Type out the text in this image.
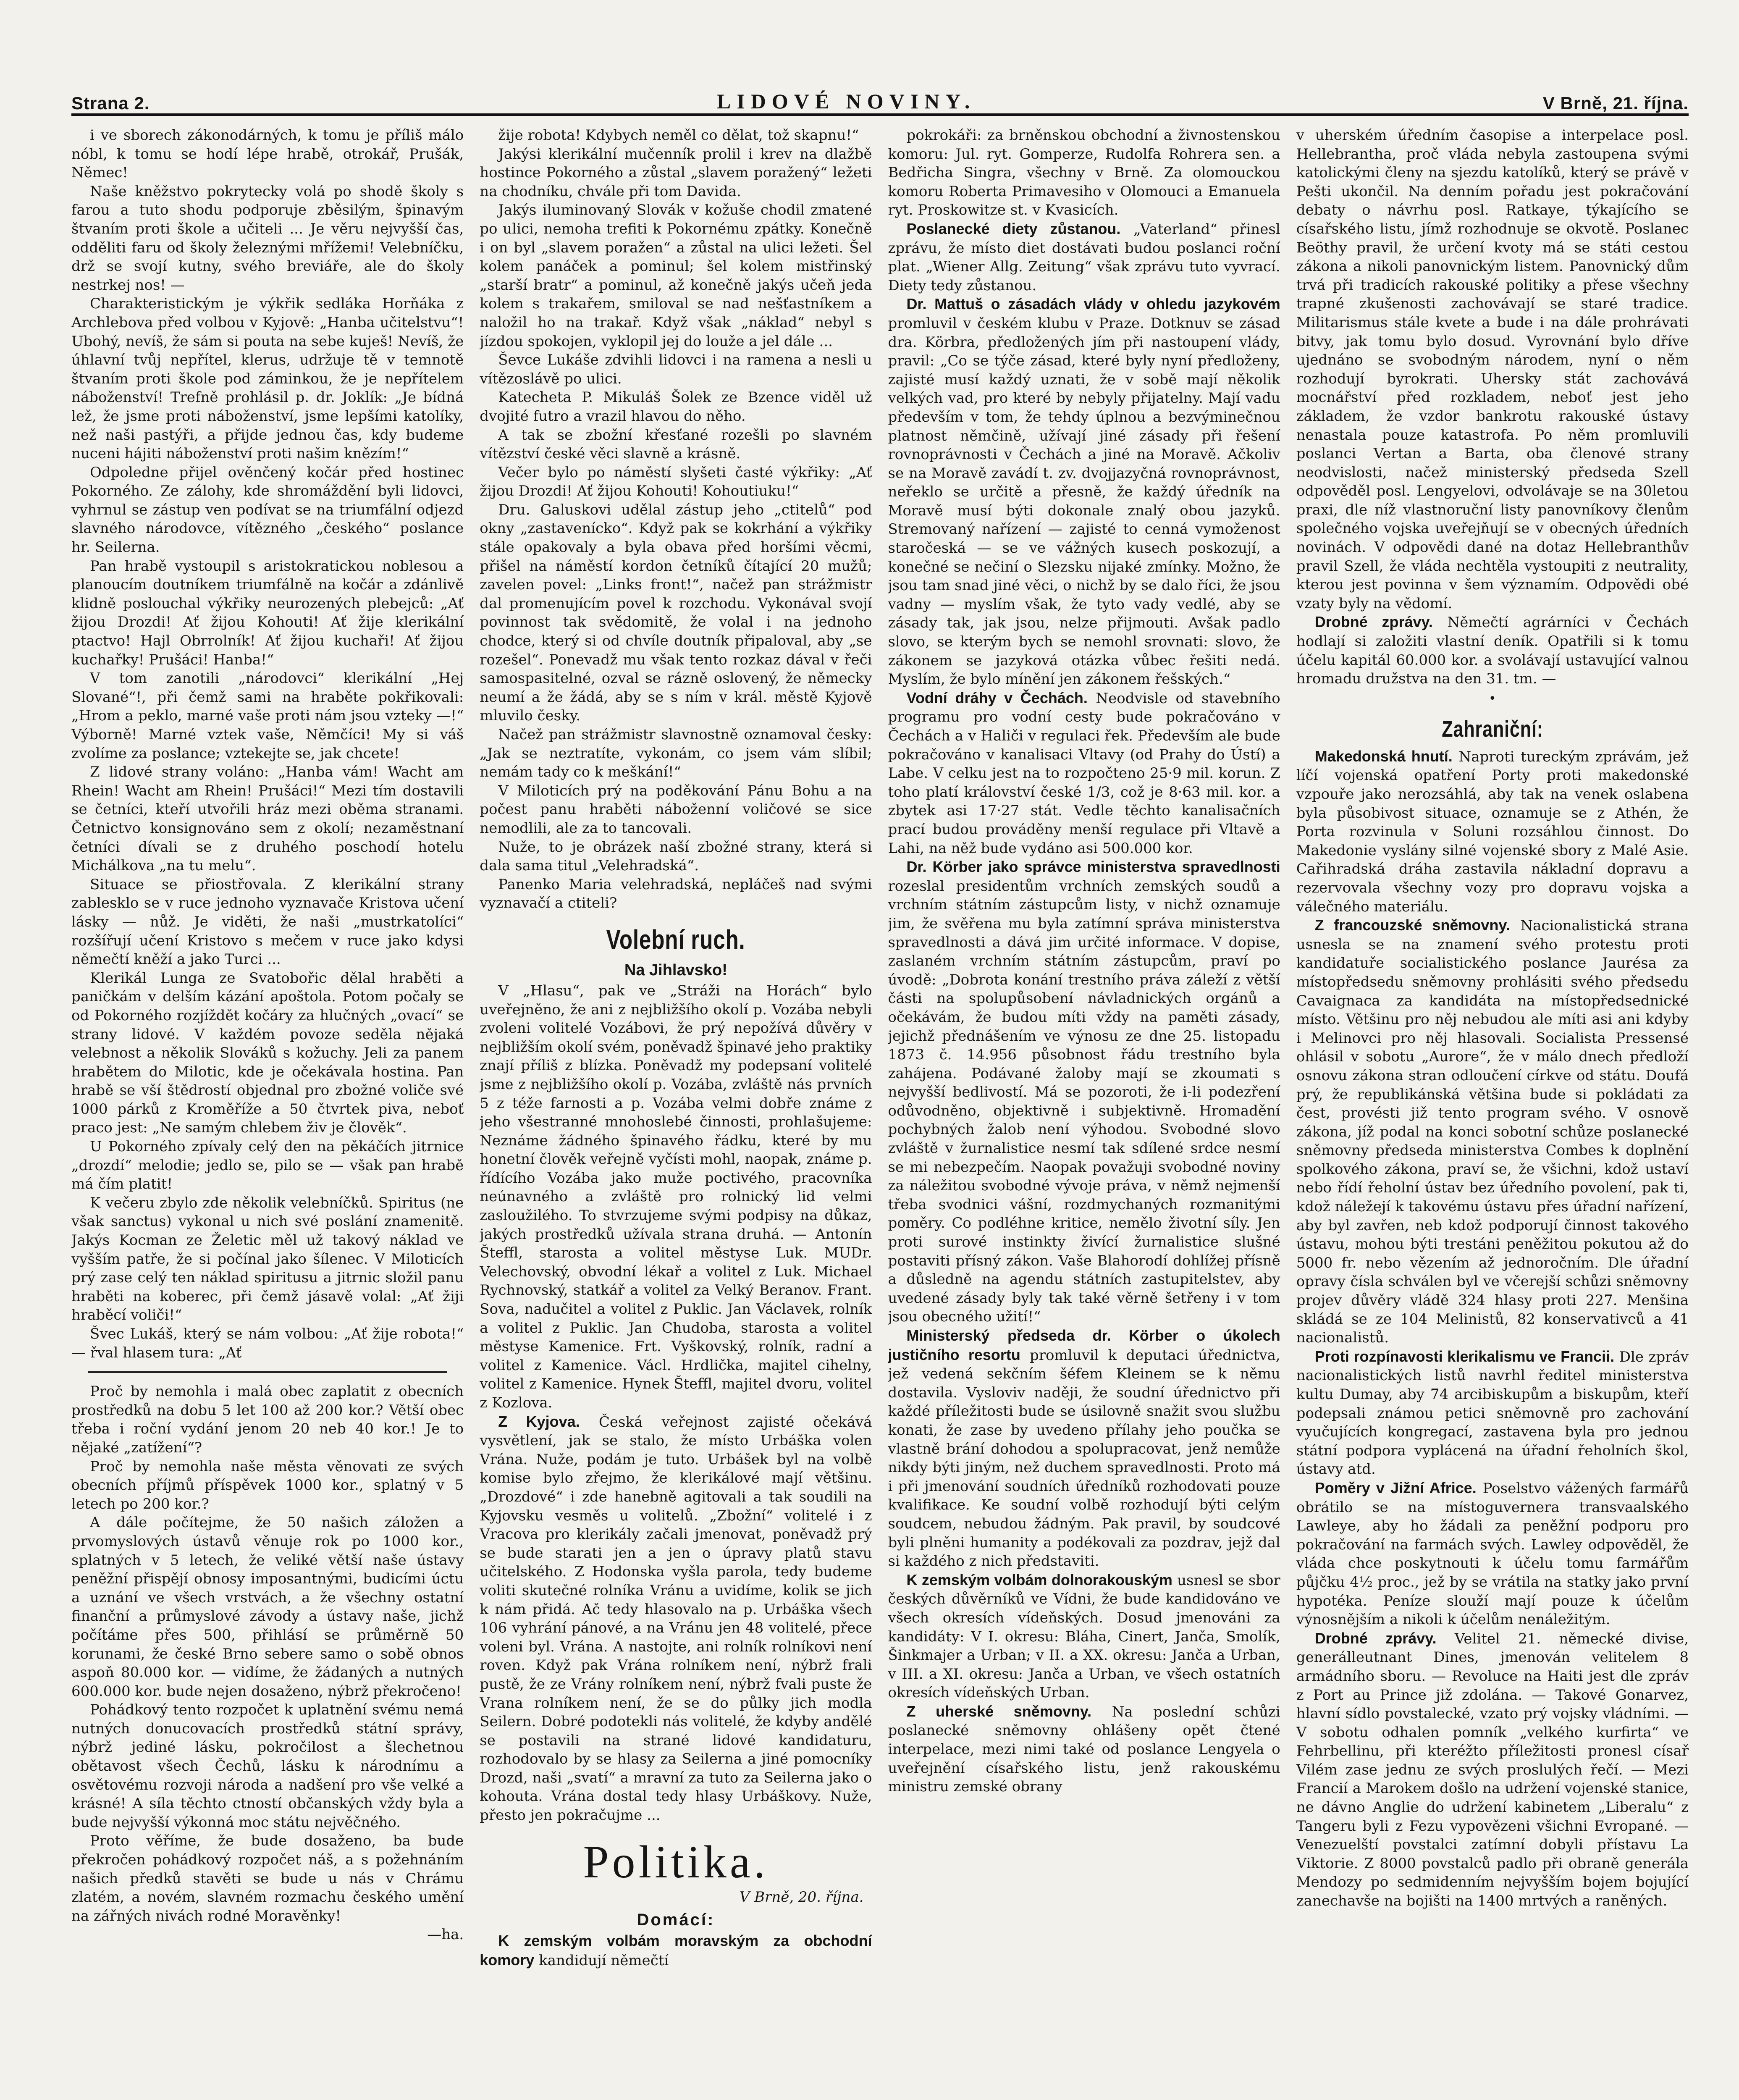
Strana 2.	LIDOVÉ NOVINY.	V Brně, 21. října.

i ve sborech zákonodárných, k tomu je příliš málo nóbl, k tomu se hodí lépe hrabě, otrokář, Prušák, Němec!

Naše kněžstvo pokrytecky volá po shodě školy s farou a tuto shodu podporuje zběsilým, špinavým štvaním proti škole a učiteli ... Je věru nejvyšší čas, odděliti faru od školy železnými mřížemi! Velebníčku, drž se svojí kutny, svého breviáře, ale do školy nestrkej nos! —

Charakteristickým je výkřik sedláka Horňáka z Archlebova před volbou v Kyjově: „Hanba učitelstvu“! Ubohý, nevíš, že sám si pouta na sebe kuješ! Nevíš, že úhlavní tvůj nepřítel, klerus, udržuje tě v temnotě štvaním proti škole pod záminkou, že je nepřítelem náboženství! Trefně prohlásil p. dr. Joklík: „Je bídná lež, že jsme proti náboženství, jsme lepšími katolíky, než naši pastýři, a přijde jednou čas, kdy budeme nuceni hájiti náboženství proti našim knězím!“

Odpoledne přijel ověnčený kočár před hostinec Pokorného. Ze zálohy, kde shromáždění byli lidovci, vyhrnul se zástup ven podívat se na triumfální odjezd slavného národovce, vítězného „českého“ poslance hr. Seilerna.

Pan hrabě vystoupil s aristokratickou noblesou a planoucím doutníkem triumfálně na kočár a zdánlivě klidně poslouchal výkřiky neurozených plebejců: „Ať žijou Drozdi! Ať žijou Kohouti! Ať žije klerikální ptactvo! Hajl Obrrolník! Ať žijou kuchaři! Ať žijou kuchařky! Prušáci! Hanba!“

V tom zanotili „národovci“ klerikální „Hej Slované“!, při čemž sami na hraběte pokřikovali: „Hrom a peklo, marné vaše proti nám jsou vzteky —!“ Výborně! Marné vztek vaše, Němčíci! My si váš zvolíme za poslance; vztekejte se, jak chcete!

Z lidové strany voláno: „Hanba vám! Wacht am Rhein! Wacht am Rhein! Prušáci!“ Mezi tím dostavili se četníci, kteří utvořili hráz mezi oběma stranami. Četnictvo konsignováno sem z okolí; nezaměstnaní četníci dívali se z druhého poschodí hotelu Michálkova „na tu melu“.

Situace se přiostřovala. Z klerikální strany zablesklo se v ruce jednoho vyznavače Kristova učení lásky — nůž. Je viděti, že naši „mustrkatolíci“ rozšířují učení Kristovo s mečem v ruce jako kdysi němečtí kněží a jako Turci ...

Klerikál Lunga ze Svatobořic dělal hraběti a paničkám v delším kázání apoštola. Potom počaly se od Pokorného rozjíždět kočáry za hlučných „ovací“ se strany lidové. V každém povoze seděla nějaká velebnost a několik Slováků s kožuchy. Jeli za panem hrabětem do Milotic, kde je očekávala hostina. Pan hrabě se vší štědrostí objednal pro zbožné voliče své 1000 párků z Kroměříže a 50 čtvrtek piva, neboť praco jest: „Ne samým chlebem živ je člověk“.

U Pokorného zpívaly celý den na pěkáčích jitrnice „drozdí“ melodie; jedlo se, pilo se — však pan hrabě má čím platit!

K večeru zbylo zde několik velebníčků. Spiritus (ne však sanctus) vykonal u nich své poslání znamenitě. Jakýs Kocman ze Želetic měl už takový náklad ve vyšším patře, že si počínal jako šílenec. V Miloticích prý zase celý ten náklad spiritusu a jitrnic složil panu hraběti na koberec, při čemž jásavě volal: „Ať žiji hraběcí voliči!“

Švec Lukáš, který se nám volbou: „Ať žije robota!“ — řval hlasem tura: „Ať

Proč by nemohla i malá obec zaplatit z obecních prostředků na dobu 5 let 100 až 200 kor.? Větší obec třeba i roční vydání jenom 20 neb 40 kor.! Je to nějaké „zatížení“?

Proč by nemohla naše města věnovati ze svých obecních příjmů příspěvek 1000 kor., splatný v 5 letech po 200 kor.?

A dále počítejme, že 50 našich záložen a prvomyslových ústavů věnuje rok po 1000 kor., splatných v 5 letech, že veliké větší naše ústavy peněžní přispějí obnosy imposantnými, budicími úctu a uznání ve všech vrstvách, a že všechny ostatní finanční a průmyslové závody a ústavy naše, jichž počítáme přes 500, přihlásí se průměrně 50 korunami, že české Brno sebere samo o sobě obnos aspoň 80.000 kor. — vidíme, že žádaných a nutných 600.000 kor. bude nejen dosaženo, nýbrž překročeno!

Pohádkový tento rozpočet k uplatnění svému nemá nutných donucovacích prostředků státní správy, nýbrž jediné lásku, pokročilost a šlechetnou obětavost všech Čechů, lásku k národnímu a osvětovému rozvoji národa a nadšení pro vše velké a krásné! A síla těchto ctností občanských vždy byla a bude nejvyšší výkonná moc státu nejvěčného.

Proto věříme, že bude dosaženo, ba bude překročen pohádkový rozpočet náš, a s požehnáním našich předků stavěti se bude u nás v Chrámu zlatém, a novém, slavném rozmachu českého umění na zářných nivách rodné Moravěnky!

—ha.

žije robota! Kdybych neměl co dělat, tož skapnu!“

Jakýsi klerikální mučenník prolil i krev na dlažbě hostince Pokorného a zůstal „slavem poražený“ ležeti na chodníku, chvále při tom Davida.

Jakýs iluminovaný Slovák v kožuše chodil zmatené po ulici, nemoha trefiti k Pokornému zpátky. Konečně i on byl „slavem poražen“ a zůstal na ulici ležeti. Šel kolem panáček a pominul; šel kolem mistřinský „starší bratr“ a pominul, až konečně jakýs učeň jeda kolem s trakařem, smiloval se nad nešťastníkem a naložil ho na trakař. Když však „náklad“ nebyl s jízdou spokojen, vyklopil jej do louže a jel dále ...

Ševce Lukáše zdvihli lidovci i na ramena a nesli u vítězoslávě po ulici.

Katecheta P. Mikuláš Šolek ze Bzence viděl už dvojité futro a vrazil hlavou do něho.

A tak se zbožní křesťané rozešli po slavném vítězství české věci slavně a krásně.

Večer bylo po náměstí slyšeti časté výkřiky: „Ať žijou Drozdi! Ať žijou Kohouti! Kohoutiuku!“

Dru. Galuskovi udělal zástup jeho „ctitelů“ pod okny „zastavenícko“. Když pak se kokrhání a výkřiky stále opakovaly a byla obava před horšími věcmi, přišel na náměstí kordon četníků čítající 20 mužů; zavelen povel: „Links front!“, načež pan strážmistr dal promenujícím povel k rozchodu. Vykonával svojí povinnost tak svědomitě, že volal i na jednoho chodce, který si od chvíle doutník připaloval, aby „se rozešel“. Ponevadž mu však tento rozkaz dával v řeči samospasitelné, ozval se rázně oslovený, že německy neumí a že žádá, aby se s ním v král. městě Kyjově mluvilo česky.

Načež pan strážmistr slavnostně oznamoval česky: „Jak se neztratíte, vykonám, co jsem vám slíbil; nemám tady co k meškání!“

V Miloticích prý na poděkování Pánu Bohu a na počest panu hraběti náboženní voličové se sice nemodlili, ale za to tancovali.

Nuže, to je obrázek naší zbožné strany, která si dala sama titul „Velehradská“.

Panenko Maria velehradská, nepláčeš nad svými vyznavačí a ctiteli?

Volební ruch.
Na Jihlavsko!

V „Hlasu“, pak ve „Stráži na Horách“ bylo uveřejněno, že ani z nejbližšího okolí p. Vozába nebyli zvoleni volitelé Vozábovi, že prý nepožívá důvěry v nejbližším okolí svém, poněvadž špinavé jeho praktiky znají příliš z blízka. Poněvadž my podepsaní volitelé jsme z nejbližšího okolí p. Vozába, zvláště nás prvních 5 z téže farnosti a p. Vozába velmi dobře známe z jeho všestranné mnohoslebé činnosti, prohlašujeme: Neznáme žádného špinavého řádku, které by mu honetní člověk veřejně vyčísti mohl, naopak, známe p. řídícího Vozába jako muže poctivého, pracovníka neúnavného a zvláště pro rolnický lid velmi zasloužilého. To stvrzujeme svými podpisy na důkaz, jakých prostředků užívala strana druhá. — Antonín Šteffl, starosta a volitel městyse Luk. MUDr. Velechovský, obvodní lékař a volitel z Luk. Michael Rychnovský, statkář a volitel za Velký Beranov. Frant. Sova, nadučitel a volitel z Puklic. Jan Václavek, rolník a volitel z Puklic. Jan Chudoba, starosta a volitel městyse Kamenice. Frt. Vyškovský, rolník, radní a volitel z Kamenice. Václ. Hrdlička, majitel cihelny, volitel z Kamenice. Hynek Šteffl, majitel dvoru, volitel z Kozlova.

Z Kyjova. Česká veřejnost zajisté očekává vysvětlení, jak se stalo, že místo Urbáška volen Vrána. Nuže, podám je tuto. Urbášek byl na volbě komise bylo zřejmo, že klerikálové mají většinu. „Drozdové“ i zde hanebně agitovali a tak soudili na Kyjovsku vesměs u volitelů. „Zbožní“ volitelé i z Vracova pro klerikály začali jmenovat, poněvadž prý se bude starati jen a jen o úpravy platů stavu učitelského. Z Hodonska vyšla parola, tedy budeme voliti skutečné rolníka Vránu a uvidíme, kolik se jich k nám přidá. Ač tedy hlasovalo na p. Urbáška všech 106 vyhrání pánové, a na Vránu jen 48 volitelé, přece voleni byl. Vrána. A nastojte, ani rolník rolníkovi není roven. Když pak Vrána rolníkem není, nýbrž frali pustě, že ze Vrány rolníkem není, nýbrž fvali puste že Vrana rolníkem není, že se do půlky jich modla Seilern. Dobré podotekli nás volitelé, že kdyby andělé se postavili na strané lidové kandidaturu, rozhodovalo by se hlasy za Seilerna a jiné pomocníky Drozd, naši „svatí“ a mravní za tuto za Seilerna jako o kohouta. Vrána dostal tedy hlasy Urbáškovy. Nuže, přesto jen pokračujme ...

Politika.
V Brně, 20. října.
Domácí:

K zemským volbám moravským za obchodní komory kandidují němečtí

pokrokáři: za brněnskou obchodní a živnostenskou komoru: Jul. ryt. Gomperze, Rudolfa Rohrera sen. a Bedřicha Singra, všechny v Brně. Za olomouckou komoru Roberta Primavesiho v Olomouci a Emanuela ryt. Proskowitze st. v Kvasicích.

Poslanecké diety zůstanou. „Vaterland“ přinesl zprávu, že místo diet dostávati budou poslanci roční plat. „Wiener Allg. Zeitung“ však zprávu tuto vyvrací. Diety tedy zůstanou.

Dr. Mattuš o zásadách vlády v ohledu jazykovém promluvil v českém klubu v Praze. Dotknuv se zásad dra. Körbra, předložených jím při nastoupení vlády, pravil: „Co se týče zásad, které byly nyní předloženy, zajisté musí každý uznati, že v sobě mají několik velkých vad, pro které by nebyly přijatelny. Mají vadu především v tom, že tehdy úplnou a bezvýminečnou platnost němčině, užívají jiné zásady při řešení rovnoprávnosti v Čechách a jiné na Moravě. Ačkoliv se na Moravě zavádí t. zv. dvojjazyčná rovnoprávnost, neřeklo se určitě a přesně, že každý úředník na Moravě musí býti dokonale znalý obou jazyků. Stremovaný nařízení — zajisté to cenná vymoženost staročeská — se ve vážných kusech poskozují, a konečné se nečiní o Slezsku nijaké zmínky. Možno, že jsou tam snad jiné věci, o nichž by se dalo říci, že jsou vadny — myslím však, že tyto vady vedlé, aby se zásady tak, jak jsou, nelze přijmouti. Avšak padlo slovo, se kterým bych se nemohl srovnati: slovo, že zákonem se jazyková otázka vůbec řešiti nedá. Myslím, že bylo mínění jen zákonem řešských.“

Vodní dráhy v Čechách. Neodvisle od stavebního programu pro vodní cesty bude pokračováno v Čechách a v Haliči v regulaci řek. Především ale bude pokračováno v kanalisaci Vltavy (od Prahy do Ústí) a Labe. V celku jest na to rozpočteno 25·9 mil. korun. Z toho platí království české 1/3, což je 8·63 mil. kor. a zbytek asi 17·27 stát. Vedle těchto kanalisačních prací budou prováděny menší regulace při Vltavě a Lahi, na něž bude vydáno asi 500.000 kor.

Dr. Körber jako správce ministerstva spravedlnosti rozeslal presidentům vrchních zemských soudů a vrchním státním zástupcům listy, v nichž oznamuje jim, že svěřena mu byla zatímní správa ministerstva spravedlnosti a dává jim určité informace. V dopise, zaslaném vrchním státním zástupcům, praví po úvodě: „Dobrota konání trestního práva záleží z větší části na spolupůsobení návladnických orgánů a očekávám, že budou míti vždy na paměti zásady, jejichž přednášením ve výnosu ze dne 25. listopadu 1873 č. 14.956 působnost řádu trestního byla zahájena. Podávané žaloby mají se zkoumati s nejvyšší bedlivostí. Má se pozoroti, že i-li podezření odůvodněno, objektivně i subjektivně. Hromadění pochybných žalob není výhodou. Svobodné slovo zvláště v žurnalistice nesmí tak sdílené srdce nesmí se mi nebezpečím. Naopak považuji svobodné noviny za náležitou svobodné vývoje práva, v němž nejmenší třeba svodnici vášní, rozdmychaných rozmanitými poměry. Co podléhne kritice, nemělo životní síly. Jen proti surové instinkty živící žurnalistice slušné postaviti přísný zákon. Vaše Blahorodí dohlížej přísně a důsledně na agendu státních zastupitelstev, aby uvedené zásady byly tak také věrně šetřeny i v tom jsou obecného užití!“

Ministerský předseda dr. Körber o úkolech justičního resortu promluvil k deputaci úřednictva, jež vedená sekčním šéfem Kleinem se k němu dostavila. Vysloviv naději, že soudní úřednictvo při každé příležitosti bude se úsilovně snažit svou službu konati, že zase by uvedeno přílahy jeho poučka se vlastně brání dohodou a spolupracovat, jenž nemůže nikdy býti jiným, než duchem spravedlnosti. Proto má i při jmenování soudních úředníků rozhodovati pouze kvalifikace. Ke soudní volbě rozhodují býti celým soudcem, nebudou žádným. Pak pravil, by soudcové byli plněni humanity a podékovali za pozdrav, jejž dal si každého z nich představiti.

K zemským volbám dolnorakouským usnesl se sbor českých důvěrníků ve Vídni, že bude kandidováno ve všech okresích vídeňských. Dosud jmenováni za kandidáty: V I. okresu: Bláha, Cinert, Janča, Smolík, Šinkmajer a Urban; v II. a XX. okresu: Janča a Urban, v III. a XI. okresu: Janča a Urban, ve všech ostatních okresích vídeňských Urban.

Z uherské sněmovny. Na poslední schůzi poslanecké sněmovny ohlášeny opět čtené interpelace, mezi nimi také od poslance Lengyela o uveřejnění císařského listu, jenž rakouskému ministru zemské obrany

v uherském úředním časopise a interpelace posl. Hellebrantha, proč vláda nebyla zastoupena svými katolickými členy na sjezdu katolíků, který se právě v Pešti ukončil. Na denním pořadu jest pokračování debaty o návrhu posl. Ratkaye, týkajícího se císařského listu, jímž rozhodnuje se okvotě. Poslanec Beöthy pravil, že určení kvoty má se státi cestou zákona a nikoli panovnickým listem. Panovnický dům trvá při tradicích rakouské politiky a přese všechny trapné zkušenosti zachovávají se staré tradice. Militarismus stále kvete a bude i na dále prohrávati bitvy, jak tomu bylo dosud. Vyrovnání bylo dříve ujednáno se svobodným národem, nyní o něm rozhodují byrokrati. Uhersky stát zachovává mocnářství před rozkladem, neboť jest jeho základem, že vzdor bankrotu rakouské ústavy nenastala pouze katastrofa. Po něm promluvili poslanci Vertan a Barta, oba členové strany neodvislosti, načež ministerský předseda Szell odpověděl posl. Lengyelovi, odvolávaje se na 30letou praxi, dle níž vlastnoruční listy panovníkovy členům společného vojska uveřejňují se v obecných úředních novinách. V odpovědi dané na dotaz Hellebranthův pravil Szell, že vláda nechtěla vystoupiti z neutrality, kterou jest povinna v šem významím. Odpovědi obé vzaty byly na vědomí.

Drobné zprávy. Němečtí agrárníci v Čechách hodlají si založiti vlastní deník. Opatřili si k tomu účelu kapitál 60.000 kor. a svolávají ustavující valnou hromadu družstva na den 31. tm. —

•
Zahraniční:

Makedonská hnutí. Naproti tureckým zprávám, jež líčí vojenská opatření Porty proti makedonské vzpouře jako nerozsáhlá, aby tak na venek oslabena byla působivost situace, oznamuje se z Athén, že Porta rozvinula v Soluni rozsáhlou činnost. Do Makedonie vyslány silné vojenské sbory z Malé Asie. Cařihradská dráha zastavila nákladní dopravu a rezervovala všechny vozy pro dopravu vojska a válečného materiálu.

Z francouzské sněmovny. Nacionalistická strana usnesla se na znamení svého protestu proti kandidatuře socialistického poslance Jaurésa za místopředsedu sněmovny prohlásiti svého předsedu Cavaignaca za kandidáta na místopředsednické místo. Většinu pro něj nebudou ale míti asi ani kdyby i Melinovci pro něj hlasovali. Socialista Pressensé ohlásil v sobotu „Aurore“, že v málo dnech předloží osnovu zákona stran odloučení církve od státu. Doufá prý, že republikánská většina bude si pokládati za čest, provésti již tento program svého. V osnově zákona, jíž podal na konci sobotní schůze poslanecké sněmovny předseda ministerstva Combes k doplnění spolkového zákona, praví se, že všichni, kdož ustaví nebo řídí řeholní ústav bez úředního povolení, pak ti, kdož náležejí k takovému ústavu přes úřadní nařízení, aby byl zavřen, neb kdož podporují činnost takového ústavu, mohou býti trestáni peněžitou pokutou až do 5000 fr. nebo vězením až jednoročním. Dle úřadní opravy čísla schválen byl ve včerejší schůzi sněmovny projev důvěry vládě 324 hlasy proti 227. Menšina skládá se ze 104 Melinistů, 82 konservativců a 41 nacionalistů.

Proti rozpínavosti klerikalismu ve Francii. Dle zpráv nacionalistických listů navrhl ředitel ministerstva kultu Dumay, aby 74 arcibiskupům a biskupům, kteří podepsali známou petici sněmovně pro zachování vyučujících kongregací, zastavena byla pro jednou státní podpora vyplácená na úřadní řeholních škol, ústavy atd.

Poměry v Jižní Africe. Poselstvo vážených farmářů obrátilo se na místoguvernera transvaalského Lawleye, aby ho žádali za peněžní podporu pro pokračování na farmách svých. Lawley odpověděl, že vláda chce poskytnouti k účelu tomu farmářům půjčku 4½ proc., jež by se vrátila na statky jako první hypotéka. Peníze slouží mají pouze k účelům výnosnějším a nikoli k účelům nenáležitým.

Drobné zprávy. Velitel 21. německé divise, generálleutnant Dines, jmenován velitelem 8 armádního sboru. — Revoluce na Haiti jest dle zpráv z Port au Prince již zdolána. — Takové Gonarvez, hlavní sídlo povstalecké, vzato prý vojsky vládními. — V sobotu odhalen pomník „velkého kurfirta“ ve Fehrbellinu, při kteréžto příležitosti pronesl císař Vilém zase jednu ze svých proslulých řečí. — Mezi Francií a Marokem došlo na udržení vojenské stanice, ne dávno Anglie do udržení kabinetem „Liberalu“ z Tangeru byli z Fezu vypovězeni všichni Evropané. — Venezuelští povstalci zatímní dobyli přístavu La Viktorie. Z 8000 povstalců padlo při obraně generála Mendozy po sedmidenním nejvyšším bojem bojující zanechavše na bojišti na 1400 mrtvých a raněných.
